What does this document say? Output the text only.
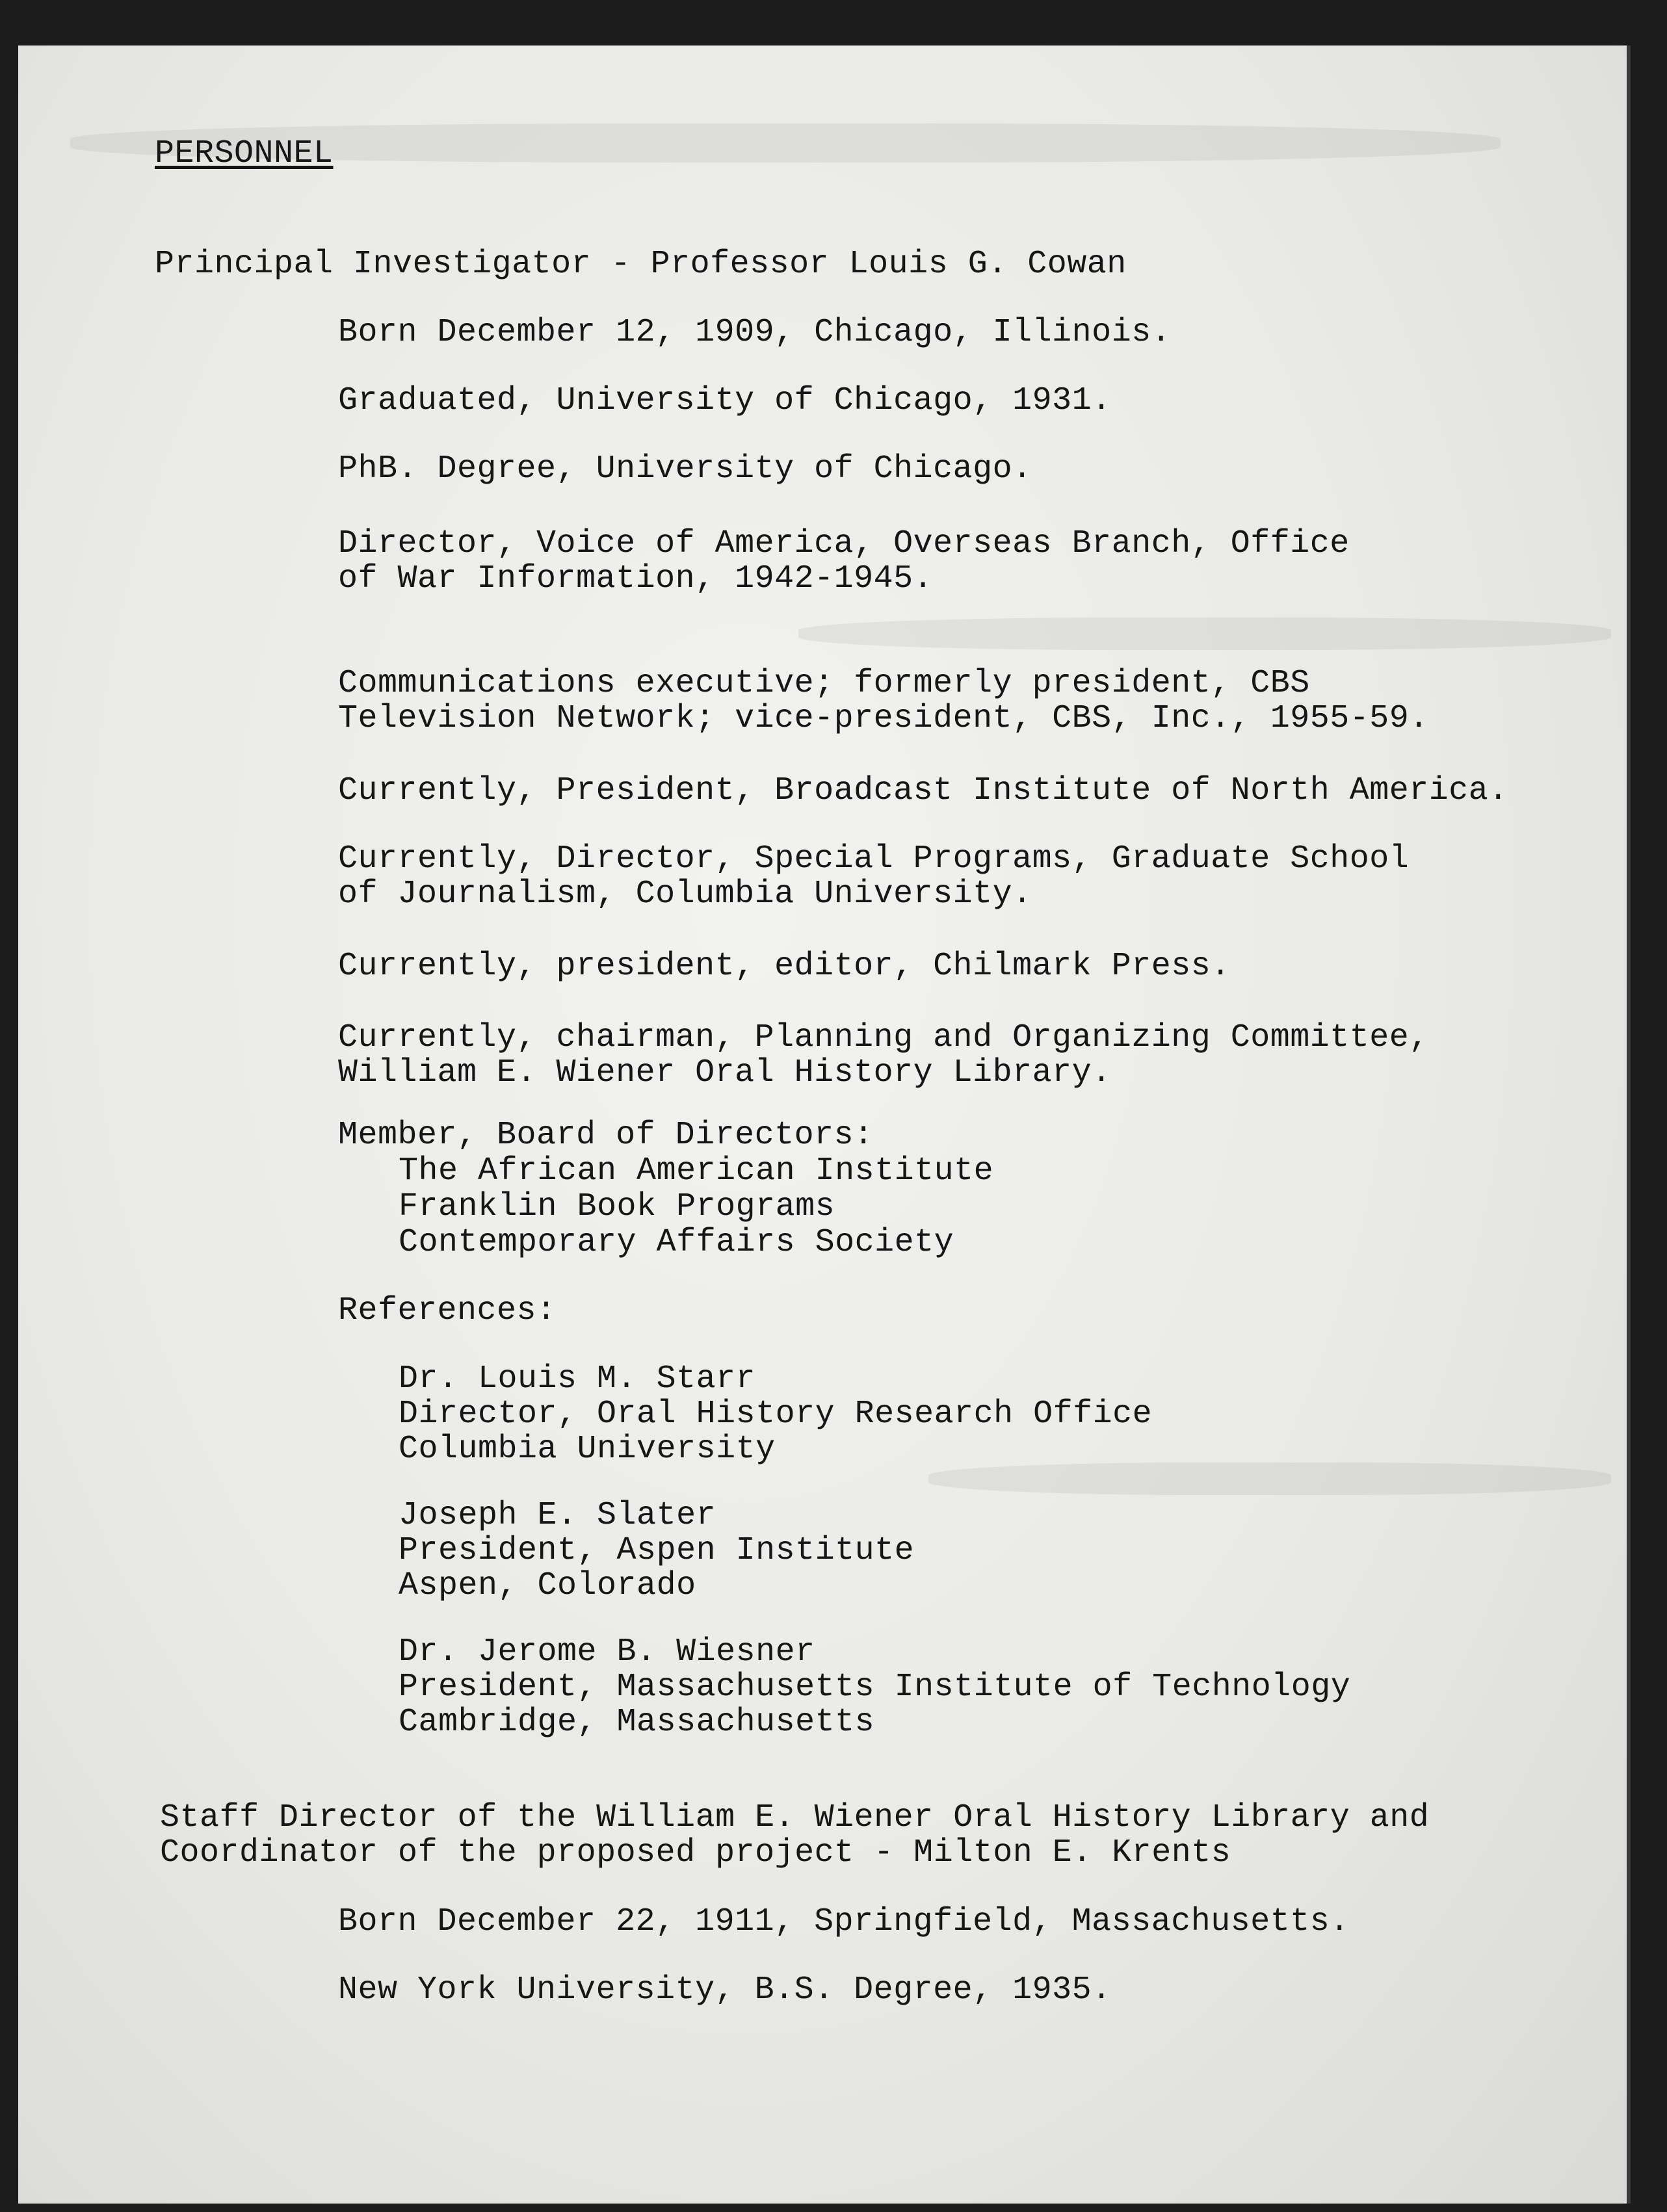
PERSONNEL
Principal Investigator - Professor Louis G. Cowan
Born December 12, 1909, Chicago, Illinois.
Graduated, University of Chicago, 1931.
PhB. Degree, University of Chicago.
Director, Voice of America, Overseas Branch, Office
of War Information, 1942-1945.
Communications executive; formerly president, CBS
Television Network; vice-president, CBS, Inc., 1955-59.
Currently, President, Broadcast Institute of North America.
Currently, Director, Special Programs, Graduate School
of Journalism, Columbia University.
Currently, president, editor, Chilmark Press.
Currently, chairman, Planning and Organizing Committee,
William E. Wiener Oral History Library.
Member, Board of Directors:
The African American Institute
Franklin Book Programs
Contemporary Affairs Society
References:
Dr. Louis M. Starr
Director, Oral History Research Office
Columbia University
Joseph E. Slater
President, Aspen Institute
Aspen, Colorado
Dr. Jerome B. Wiesner
President, Massachusetts Institute of Technology
Cambridge, Massachusetts
Staff Director of the William E. Wiener Oral History Library and
Coordinator of the proposed project - Milton E. Krents
Born December 22, 1911, Springfield, Massachusetts.
New York University, B.S. Degree, 1935.
